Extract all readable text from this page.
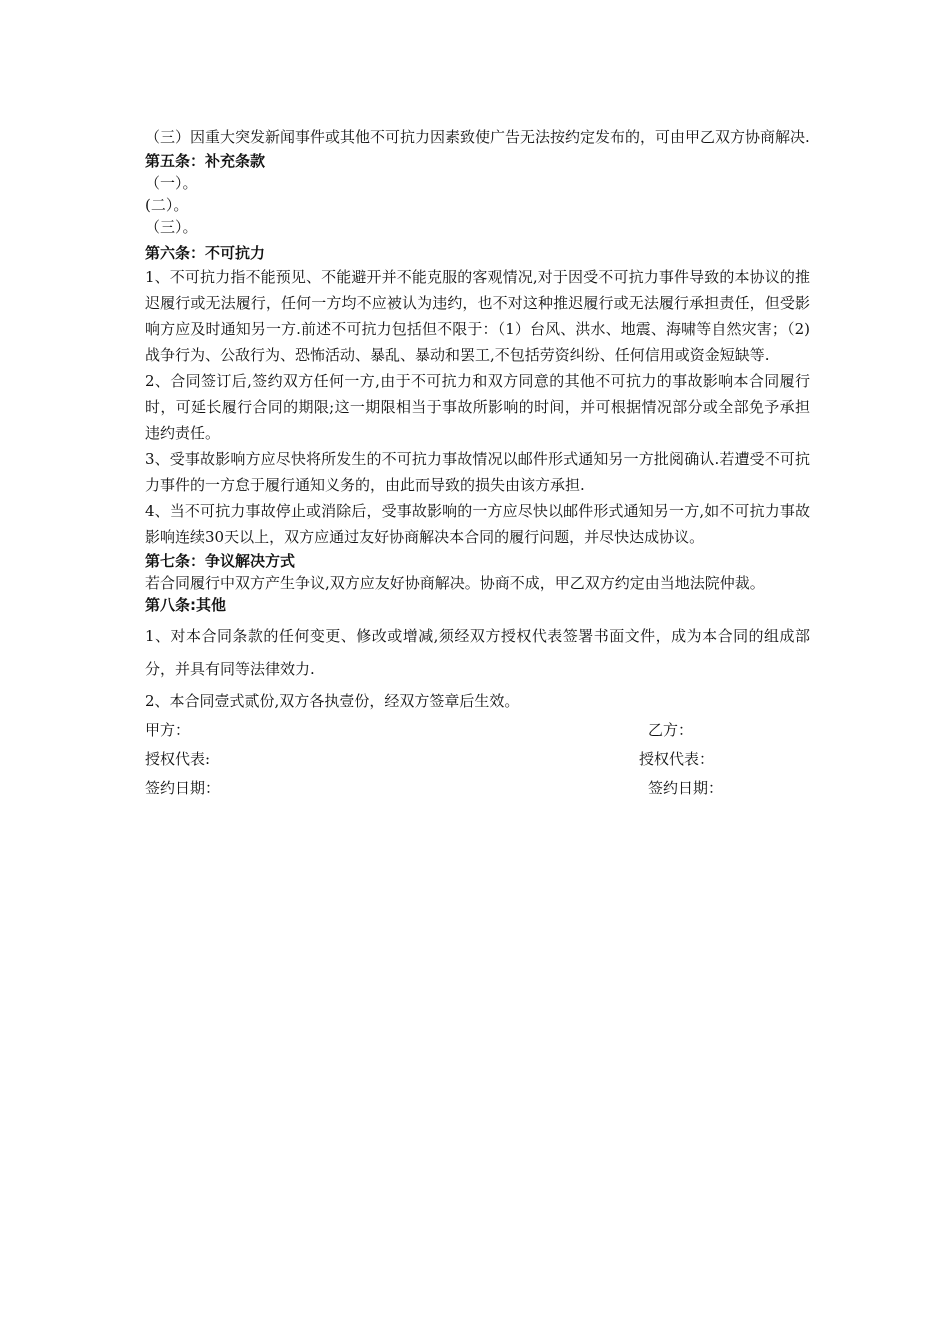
（三）因重大突发新闻事件或其他不可抗力因素致使广告无法按约定发布的，可由甲乙双方协商解决.

第五条：补充条款

（一）。

(二）。

（三）。

第六条：不可抗力

1、不可抗力指不能预见、不能避开并不能克服的客观情况,对于因受不可抗力事件导致的本协议的推迟履行或无法履行，任何一方均不应被认为违约，也不对这种推迟履行或无法履行承担责任，但受影响方应及时通知另一方.前述不可抗力包括但不限于：（1）台风、洪水、地震、海啸等自然灾害；（2)战争行为、公敌行为、恐怖活动、暴乱、暴动和罢工,不包括劳资纠纷、任何信用或资金短缺等.

2、合同签订后,签约双方任何一方,由于不可抗力和双方同意的其他不可抗力的事故影响本合同履行时，可延长履行合同的期限;这一期限相当于事故所影响的时间，并可根据情况部分或全部免予承担违约责任。

3、受事故影响方应尽快将所发生的不可抗力事故情况以邮件形式通知另一方批阅确认.若遭受不可抗力事件的一方怠于履行通知义务的，由此而导致的损失由该方承担.

4、当不可抗力事故停止或消除后，受事故影响的一方应尽快以邮件形式通知另一方,如不可抗力事故影响连续30天以上，双方应通过友好协商解决本合同的履行问题，并尽快达成协议。

第七条：争议解决方式

若合同履行中双方产生争议,双方应友好协商解决。协商不成，甲乙双方约定由当地法院仲裁。

第八条:其他

1、对本合同条款的任何变更、修改或增减,须经双方授权代表签署书面文件，成为本合同的组成部分，并具有同等法律效力.

2、本合同壹式贰份,双方各执壹份，经双方签章后生效。

甲方：	乙方：
授权代表:	授权代表：
签约日期：	签约日期：
